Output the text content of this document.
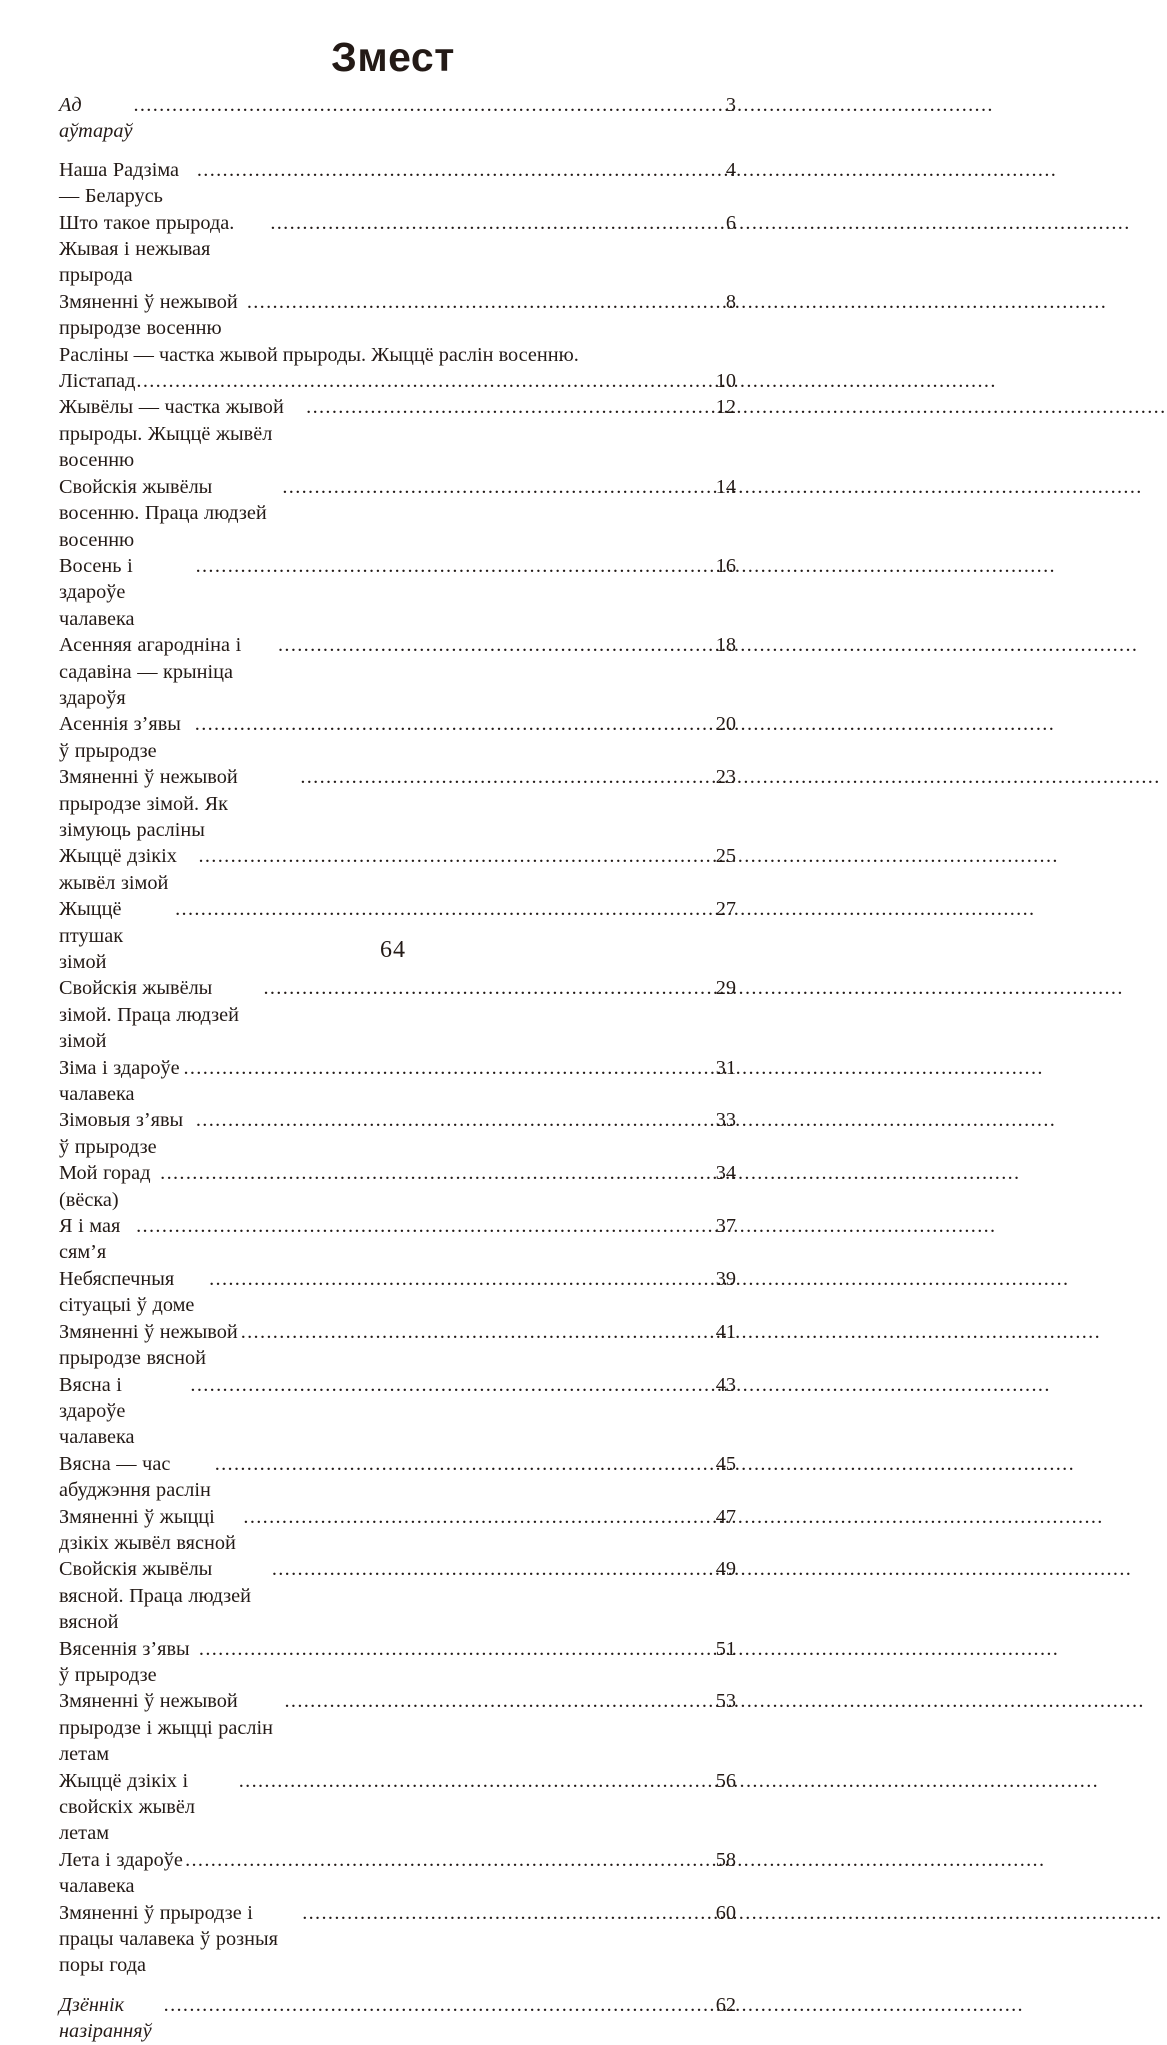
Змест
Ад аўтараў
.....
3
Наша Радзіма — Беларусь
.....
4
Што такое прырода. Жывая і нежывая прырода
.....
6
Змяненні ў нежывой прыродзе восенню
.....
8
Расліны — частка жывой прыроды. Жыццё раслін восенню.
Лістапад .....	10
Жывёлы — частка жывой прыроды. Жыццё жывёл восенню
.....
12
Свойскія жывёлы восенню. Праца людзей восенню
.....
14
Восень і здароўе чалавека
.....
16
Асенняя агародніна і садавіна — крыніца здароўя
.....
18
Асеннія з’явы ў прыродзе
.....
20
Змяненні ў нежывой прыродзе зімой. Як зімуюць расліны
.....
23
Жыццё дзікіх жывёл зімой
.....
25
Жыццё птушак зімой
.....
27
Свойскія жывёлы зімой. Праца людзей зімой
.....
29
Зіма і здароўе чалавека
.....
31
Зімовыя з’явы ў прыродзе
.....
33
Мой горад (вёска)
.....
34
Я і мая сям’я
.....
37
Небяспечныя сітуацыі ў доме
.....
39
Змяненні ў нежывой прыродзе вясной
.....
41
Вясна і здароўе чалавека
.....
43
Вясна — час абуджэння раслін
.....
45
Змяненні ў жыцці дзікіх жывёл вясной
.....
47
Свойскія жывёлы вясной. Праца людзей вясной
.....
49
Вясеннія з’явы ў прыродзе
.....
51
Змяненні ў нежывой прыродзе і жыцці раслін летам
.....
53
Жыццё дзікіх і свойскіх жывёл летам
.....
56
Лета і здароўе чалавека
.....
58
Змяненні ў прыродзе і працы чалавека ў розныя поры года
.....
60
Дзённік назіранняў
.....
62
64
